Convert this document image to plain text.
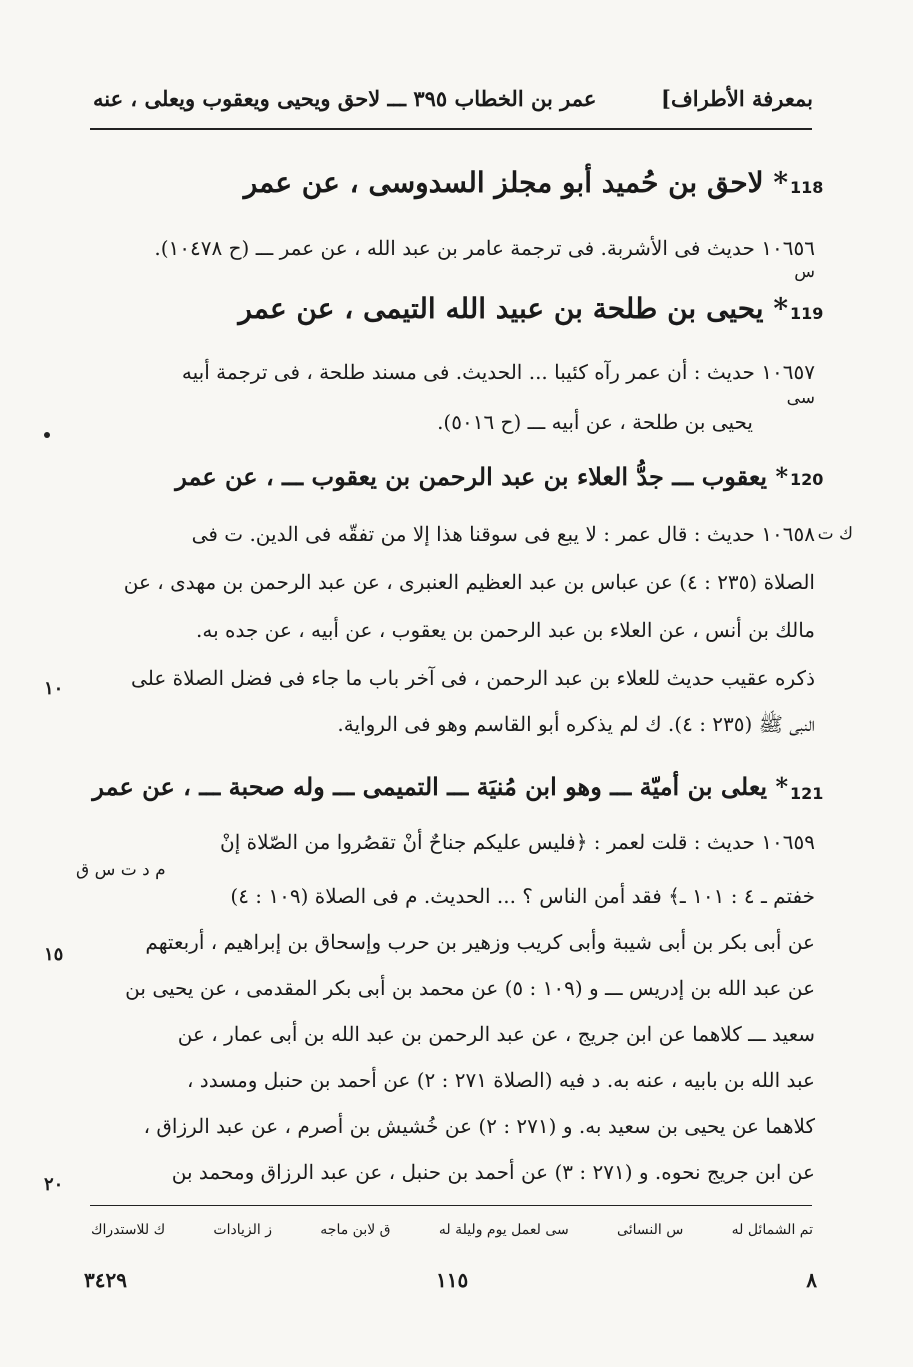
بمعرفة الأطراف]
عمر بن الخطاب ٣٩٥ ـــ لاحق ويحيى ويعقوب ويعلى ، عنه
118
* لاحق بن حُميد أبو مجلز السدوسى ، عن عمر
١٠٦٥٦ حديث فى الأشربة. فى ترجمة عامر بن عبد الله ، عن عمر ـــ (ح ١٠٤٧٨).
س
119
* يحيى بن طلحة بن عبيد الله التيمى ، عن عمر
١٠٦٥٧ حديث : أن عمر رآه كئيبا ... الحديث. فى مسند طلحة ، فى ترجمة أبيه
سى
يحيى بن طلحة ، عن أبيه ـــ (ح ٥٠١٦).
120
* يعقوب ـــ جدُّ العلاء بن عبد الرحمن بن يعقوب ـــ ، عن عمر
١٠٦٥٨ حديث : قال عمر : لا يبع فى سوقنا هذا إلا من تفقّه فى الدين. ت فى ك ت
الصلاة (٢٣٥ : ٤) عن عباس بن عبد العظيم العنبرى ، عن عبد الرحمن بن مهدى ، عن
مالك بن أنس ، عن العلاء بن عبد الرحمن بن يعقوب ، عن أبيه ، عن جده به.
ذكره عقيب حديث للعلاء بن عبد الرحمن ، فى آخر باب ما جاء فى فضل الصلاة على
النبى ﷺ (٢٣٥ : ٤). ك لم يذكره أبو القاسم وهو فى الرواية.
121
* يعلى بن أميّة ـــ وهو ابن مُنيَة ـــ التميمى ـــ وله صحبة ـــ ، عن عمر
١٠٦٥٩ حديث : قلت لعمر : ﴿فليس عليكم جناحٌ أنْ تقصُروا من الصّلاة إنْ
م د ت س ق
خفتم ـ ٤ : ١٠١ ـ﴾ فقد أمن الناس ؟ ... الحديث. م فى الصلاة (١٠٩ : ٤)
عن أبى بكر بن أبى شيبة وأبى كريب وزهير بن حرب وإسحاق بن إبراهيم ، أربعتهم
عن عبد الله بن إدريس ـــ و (١٠٩ : ٥) عن محمد بن أبى بكر المقدمى ، عن يحيى بن
سعيد ـــ كلاهما عن ابن جريج ، عن عبد الرحمن بن عبد الله بن أبى عمار ، عن
عبد الله بن بابيه ، عنه به. د فيه (الصلاة ٢٧١ : ٢) عن أحمد بن حنبل ومسدد ،
كلاهما عن يحيى بن سعيد به. و (٢٧١ : ٢) عن خُشيش بن أصرم ، عن عبد الرزاق ،
عن ابن جريج نحوه. و (٢٧١ : ٣) عن أحمد بن حنبل ، عن عبد الرزاق ومحمد بن
١٠
١٥
٢٠
تم الشمائل له
س النسائى
سى لعمل يوم وليلة له
ق لابن ماجه
ز الزيادات
ك للاستدراك
٨
١١٥
٣٤٢٩
